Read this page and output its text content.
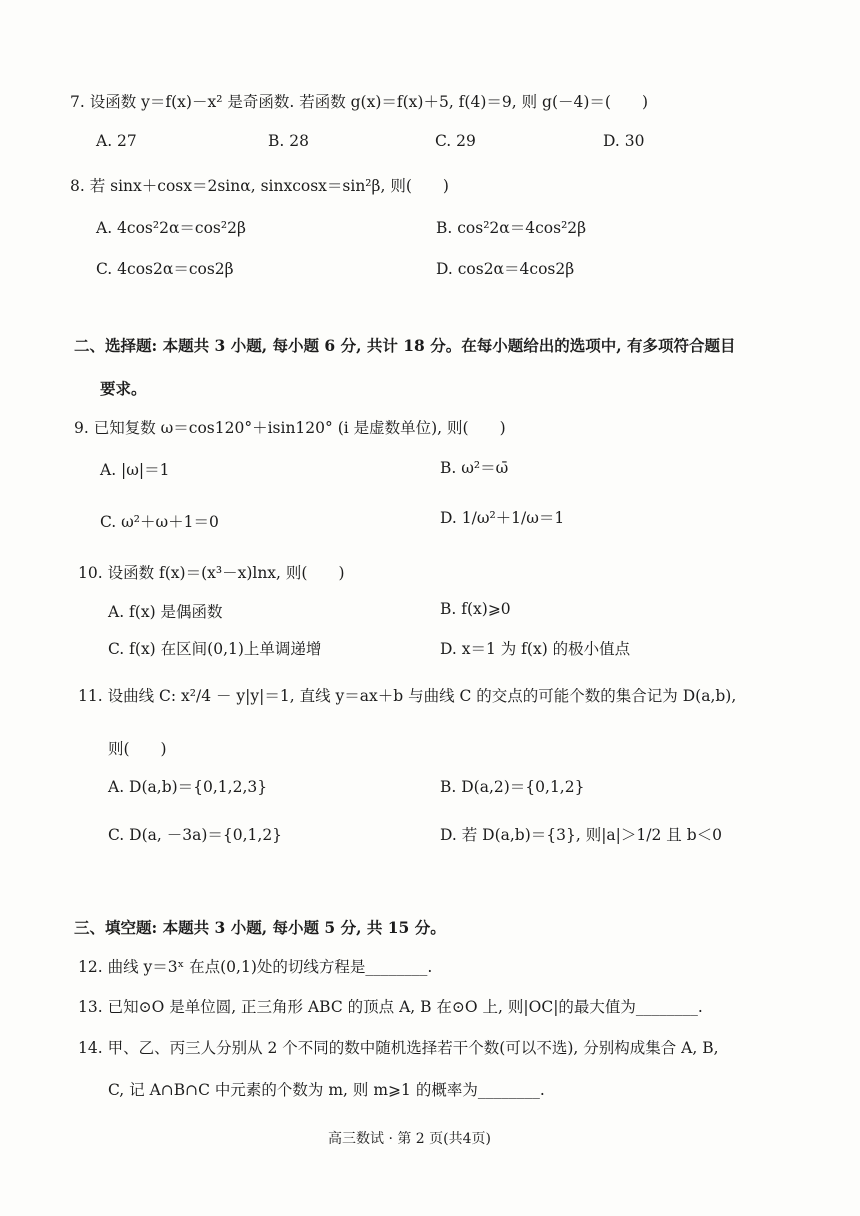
7. 设函数 y＝f(x)－x² 是奇函数. 若函数 g(x)＝f(x)＋5, f(4)＝9, 则 g(－4)＝(　　)
A. 27	B. 28	C. 29	D. 30
8. 若 sinx＋cosx＝2sinα, sinxcosx＝sin²β, 则(　　)
A. 4cos²2α＝cos²2β	B. cos²2α＝4cos²2β
C. 4cos2α＝cos2β	D. cos2α＝4cos2β
二、选择题: 本题共 3 小题, 每小题 6 分, 共计 18 分。在每小题给出的选项中, 有多项符合题目
要求。
9. 已知复数 ω＝cos120°＋isin120° (i 是虚数单位), 则(　　)
A. |ω|＝1	B. ω²＝ω̄
C. ω²＋ω＋1＝0	D. 1/ω²＋1/ω＝1
10. 设函数 f(x)＝(x³－x)lnx, 则(　　)
A. f(x) 是偶函数	B. f(x)⩾0
C. f(x) 在区间(0,1)上单调递增	D. x＝1 为 f(x) 的极小值点
11. 设曲线 C: x²/4 － y|y|＝1, 直线 y＝ax＋b 与曲线 C 的交点的可能个数的集合记为 D(a,b),
则(　　)
A. D(a,b)＝{0,1,2,3}	B. D(a,2)＝{0,1,2}
C. D(a, －3a)＝{0,1,2}	D. 若 D(a,b)＝{3}, 则|a|＞1/2 且 b＜0
三、填空题: 本题共 3 小题, 每小题 5 分, 共 15 分。
12. 曲线 y＝3ˣ 在点(0,1)处的切线方程是________.
13. 已知⊙O 是单位圆, 正三角形 ABC 的顶点 A, B 在⊙O 上, 则|OC|的最大值为________.
14. 甲、乙、丙三人分别从 2 个不同的数中随机选择若干个数(可以不选), 分别构成集合 A, B,
C, 记 A∩B∩C 中元素的个数为 m, 则 m⩾1 的概率为________.
高三数试 · 第 2 页(共4页)
